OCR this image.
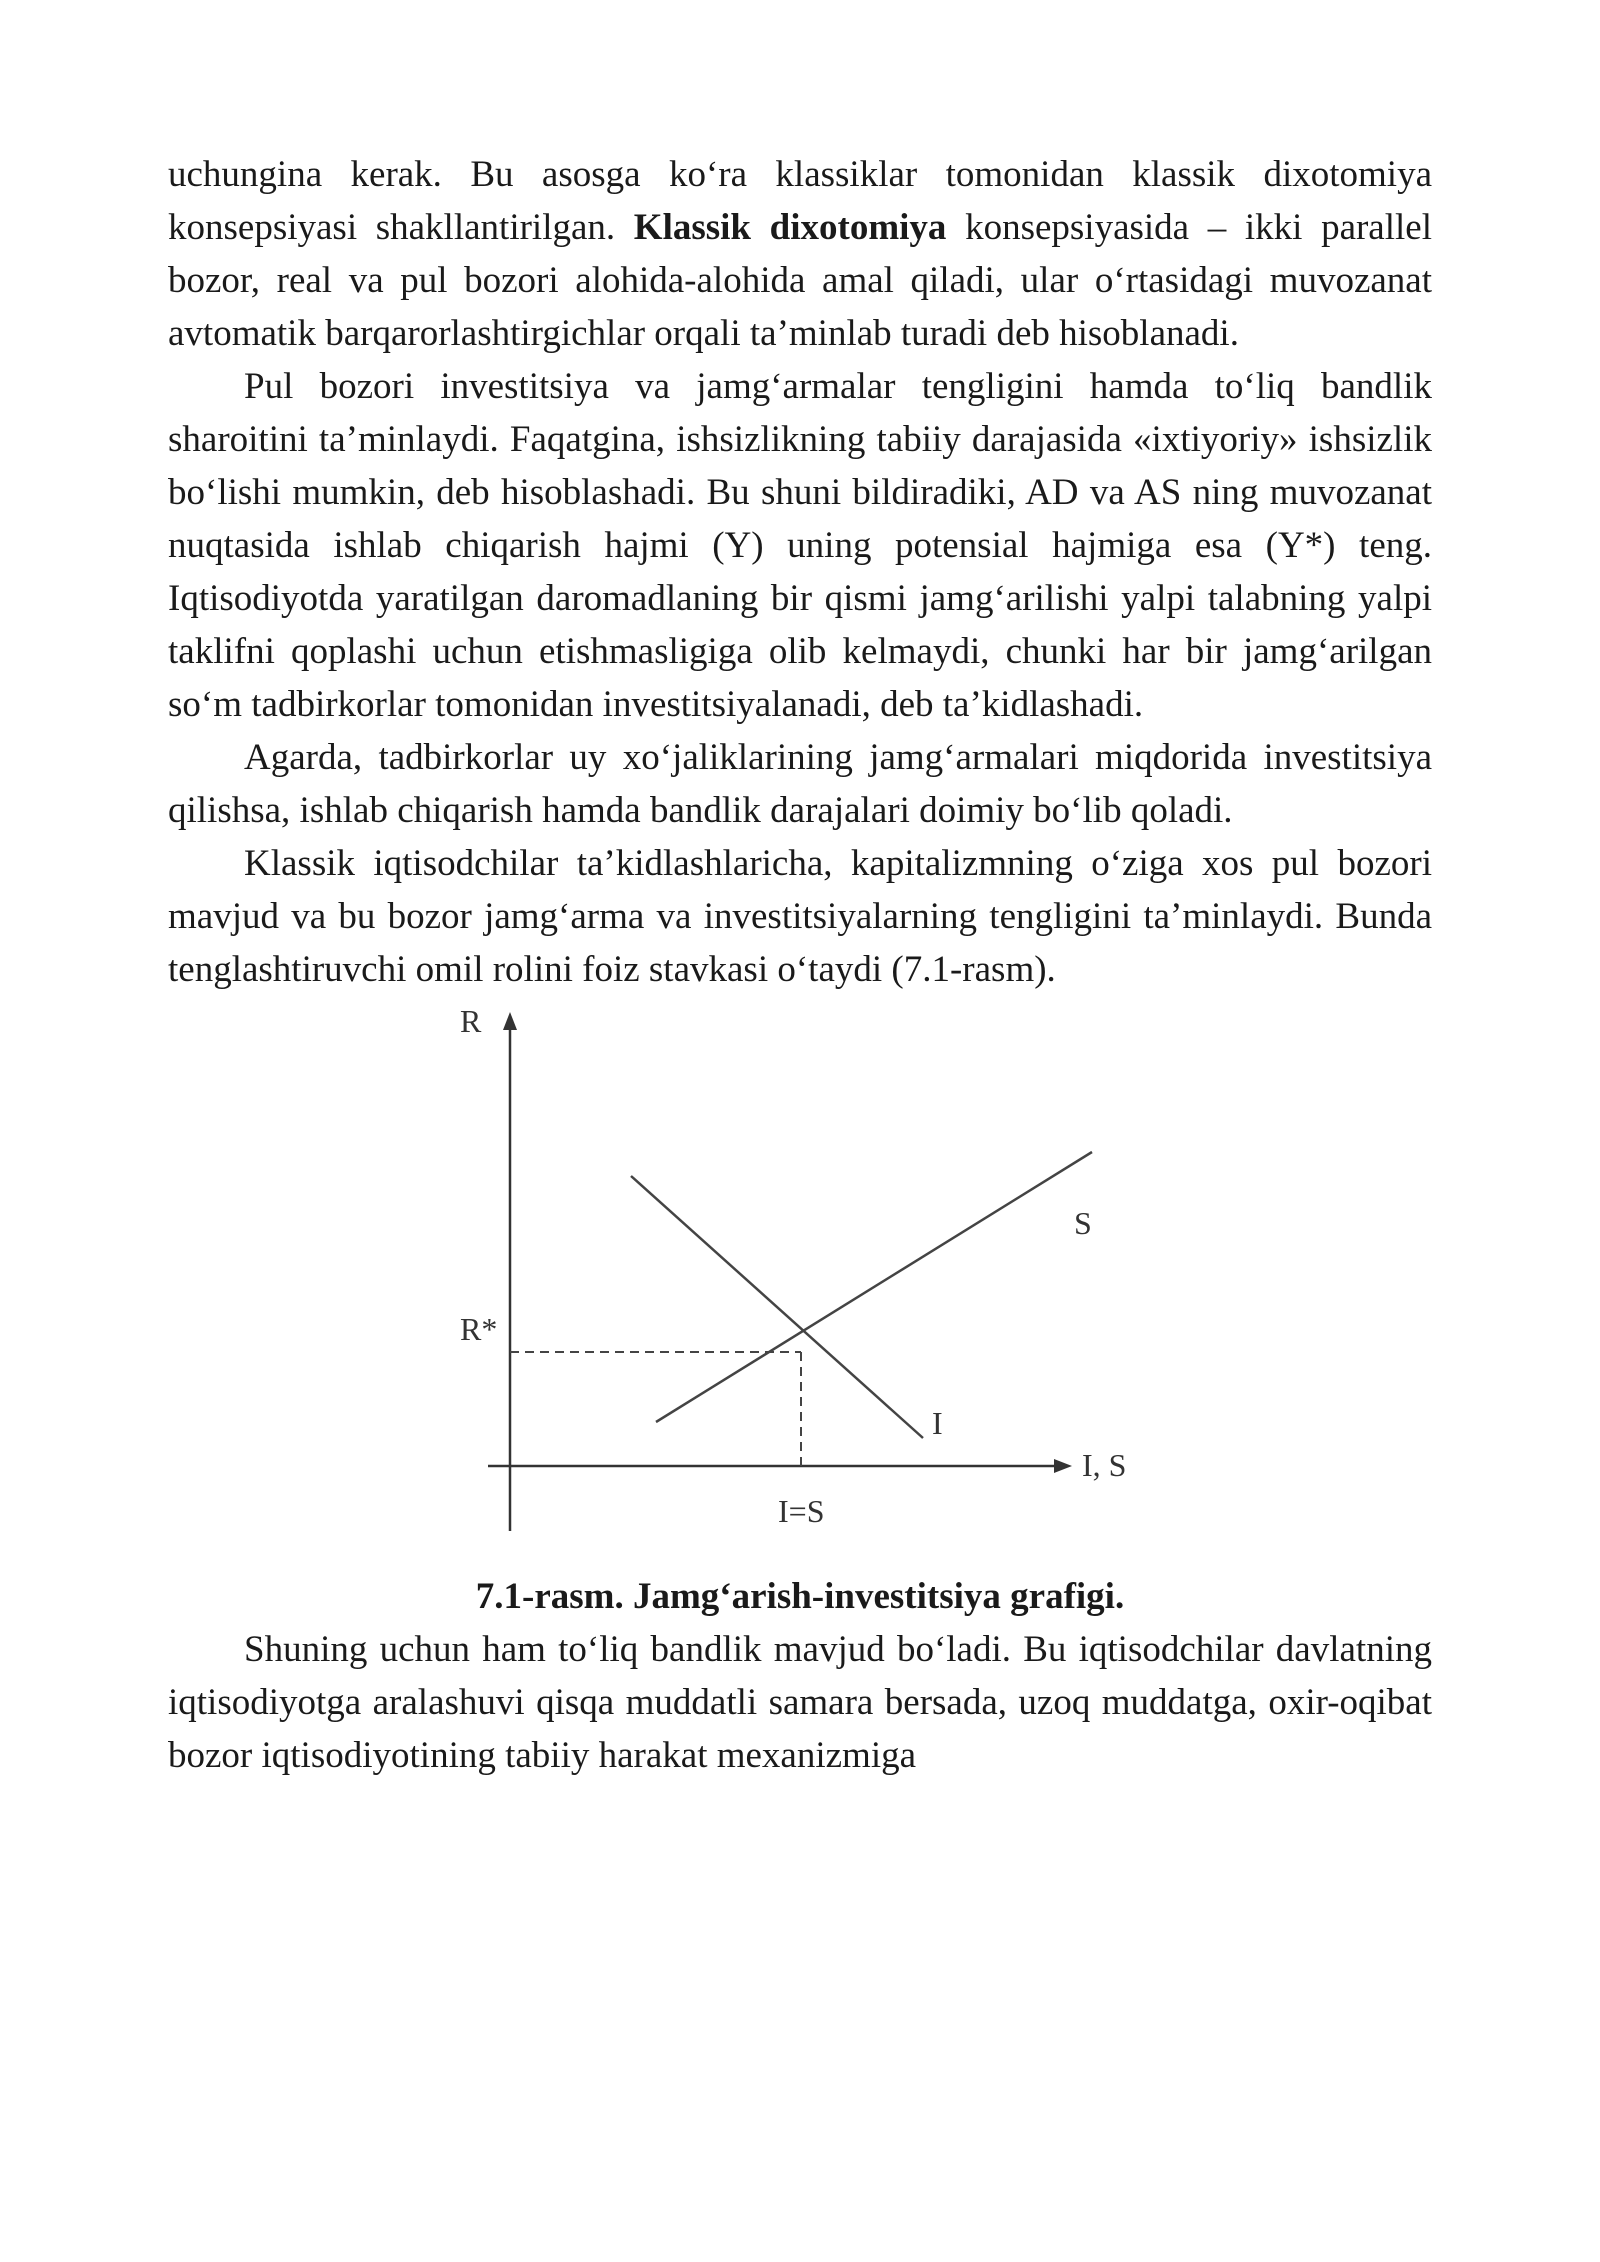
uchungina kerak. Bu asosga ko‘ra klassiklar tomonidan klassik dixotomiya konsepsiyasi shakllantirilgan. Klassik dixotomiya konsepsiyasida – ikki parallel bozor, real va pul bozori alohida-alohida amal qiladi, ular o‘rtasidagi muvozanat avtomatik barqarorlashtirgichlar orqali ta’minlab turadi deb hisoblanadi.

Pul bozori investitsiya va jamg‘armalar tengligini hamda to‘liq bandlik sharoitini ta’minlaydi. Faqatgina, ishsizlikning tabiiy darajasida «ixtiyoriy» ishsizlik bo‘lishi mumkin, deb hisoblashadi. Bu shuni bildiradiki, AD va AS ning muvozanat nuqtasida ishlab chiqarish hajmi (Y) uning potensial hajmiga esa (Y*) teng. Iqtisodiyotda yaratilgan daromadlaning bir qismi jamg‘arilishi yalpi talabning yalpi taklifni qoplashi uchun etishmasligiga olib kelmaydi, chunki har bir jamg‘arilgan so‘m tadbirkorlar tomonidan investitsiyalanadi, deb ta’kidlashadi.

Agarda, tadbirkorlar uy xo‘jaliklarining jamg‘armalari miqdorida investitsiya qilishsa, ishlab chiqarish hamda bandlik darajalari doimiy bo‘lib qoladi.

Klassik iqtisodchilar ta’kidlashlaricha, kapitalizmning o‘ziga xos pul bozori mavjud va bu bozor jamg‘arma va investitsiyalarning tengligini ta’minlaydi. Bunda tenglashtiruvchi omil rolini foiz stavkasi o‘taydi (7.1-rasm).

R
I, S
R*
I=S
S
I

7.1-rasm. Jamg‘arish-investitsiya grafigi.

Shuning uchun ham to‘liq bandlik mavjud bo‘ladi. Bu iqtisodchilar davlatning iqtisodiyotga aralashuvi qisqa muddatli samara bersada, uzoq muddatga, oxir-oqibat bozor iqtisodiyotining tabiiy harakat mexanizmiga
